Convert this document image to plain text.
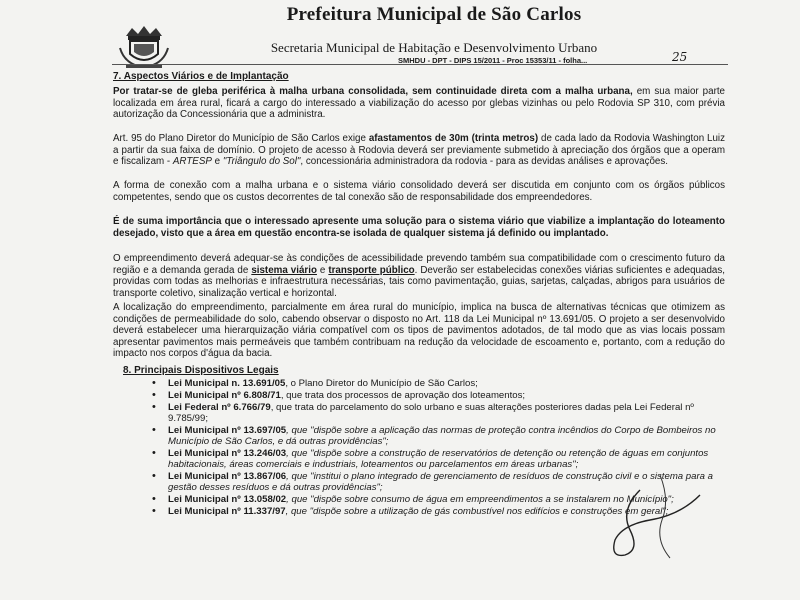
Prefeitura Municipal de São Carlos
Secretaria Municipal de Habitação e Desenvolvimento Urbano
SMHDU - DPT - DIPS 15/2011 - Proc 15353/11 - folha...	25
7. Aspectos Viários e de Implantação

Por tratar-se de gleba periférica à malha urbana consolidada, sem continuidade direta com a malha urbana, em sua maior parte localizada em área rural, ficará a cargo do interessado a viabilização do acesso por glebas vizinhas ou pelo Rodovia SP 310, com prévia autorização da Concessionária que a administra.

Art. 95 do Plano Diretor do Município de São Carlos exige afastamentos de 30m (trinta metros) de cada lado da Rodovia Washington Luiz a partir da sua faixa de domínio. O projeto de acesso à Rodovia deverá ser previamente submetido à apreciação dos órgãos que a operam e fiscalizam - ARTESP e "Triângulo do Sol", concessionária administradora da rodovia - para as devidas análises e aprovações.

A forma de conexão com a malha urbana e o sistema viário consolidado deverá ser discutida em conjunto com os órgãos públicos competentes, sendo que os custos decorrentes de tal conexão são de responsabilidade dos empreendedores.

É de suma importância que o interessado apresente uma solução para o sistema viário que viabilize a implantação do loteamento desejado, visto que a área em questão encontra-se isolada de qualquer sistema já definido ou implantado.

O empreendimento deverá adequar-se às condições de acessibilidade prevendo também sua compatibilidade com o crescimento futuro da região e a demanda gerada de sistema viário e transporte público. Deverão ser estabelecidas conexões viárias suficientes e adequadas, providas com todas as melhorias e infraestrutura necessárias, tais como pavimentação, guias, sarjetas, calçadas, abrigos para usuários de transporte coletivo, sinalização vertical e horizontal.

A localização do empreendimento, parcialmente em área rural do município, implica na busca de alternativas técnicas que otimizem as condições de permeabilidade do solo, cabendo observar o disposto no Art. 118 da Lei Municipal nº 13.691/05. O projeto a ser desenvolvido deverá estabelecer uma hierarquização viária compatível com os tipos de pavimentos adotados, de tal modo que as vias locais possam apresentar pavimentos mais permeáveis que também contribuam na redução da velocidade de escoamento e, portanto, com a redução do impacto nos corpos d'água da bacia.

8. Principais Dispositivos Legais
• Lei Municipal n. 13.691/05, o Plano Diretor do Município de São Carlos;
• Lei Municipal nº 6.808/71, que trata dos processos de aprovação dos loteamentos;
• Lei Federal nº 6.766/79, que trata do parcelamento do solo urbano e suas alterações posteriores dadas pela Lei Federal nº 9.785/99;
• Lei Municipal nº 13.697/05, que "dispõe sobre a aplicação das normas de proteção contra incêndios do Corpo de Bombeiros no Município de São Carlos, e dá outras providências";
• Lei Municipal nº 13.246/03, que "dispõe sobre a construção de reservatórios de detenção ou retenção de águas em conjuntos habitacionais, áreas comerciais e industriais, loteamentos ou parcelamentos em áreas urbanas";
• Lei Municipal nº 13.867/06, que "institui o plano integrado de gerenciamento de resíduos de construção civil e o sistema para a gestão desses resíduos e dá outras providências";
• Lei Municipal nº 13.058/02, que "dispõe sobre consumo de água em empreendimentos a se instalarem no Município";
• Lei Municipal nº 11.337/97, que "dispõe sobre a utilização de gás combustível nos edifícios e construções em geral";
